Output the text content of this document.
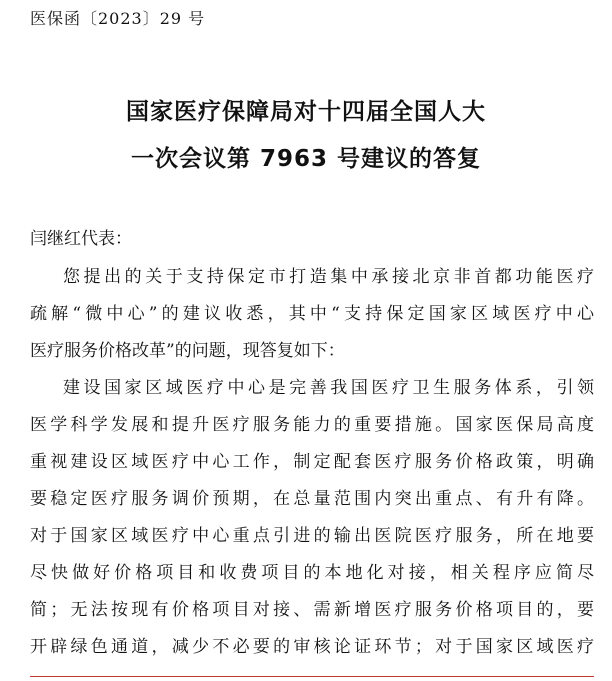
医保函〔2023〕29 号
国家医疗保障局对十四届全国人大
一次会议第 7963 号建议的答复
闫继红代表：
您提出的关于支持保定市打造集中承接北京非首都功能医疗
疏解“微中心”的建议收悉，其中“支持保定国家区域医疗中心
医疗服务价格改革”的问题，现答复如下：
建设国家区域医疗中心是完善我国医疗卫生服务体系，引领
医学科学发展和提升医疗服务能力的重要措施。国家医保局高度
重视建设区域医疗中心工作，制定配套医疗服务价格政策，明确
要稳定医疗服务调价预期，在总量范围内突出重点、有升有降。
对于国家区域医疗中心重点引进的输出医院医疗服务，所在地要
尽快做好价格项目和收费项目的本地化对接，相关程序应简尽
简；无法按现有价格项目对接、需新增医疗服务价格项目的，要
开辟绿色通道，减少不必要的审核论证环节；对于国家区域医疗
